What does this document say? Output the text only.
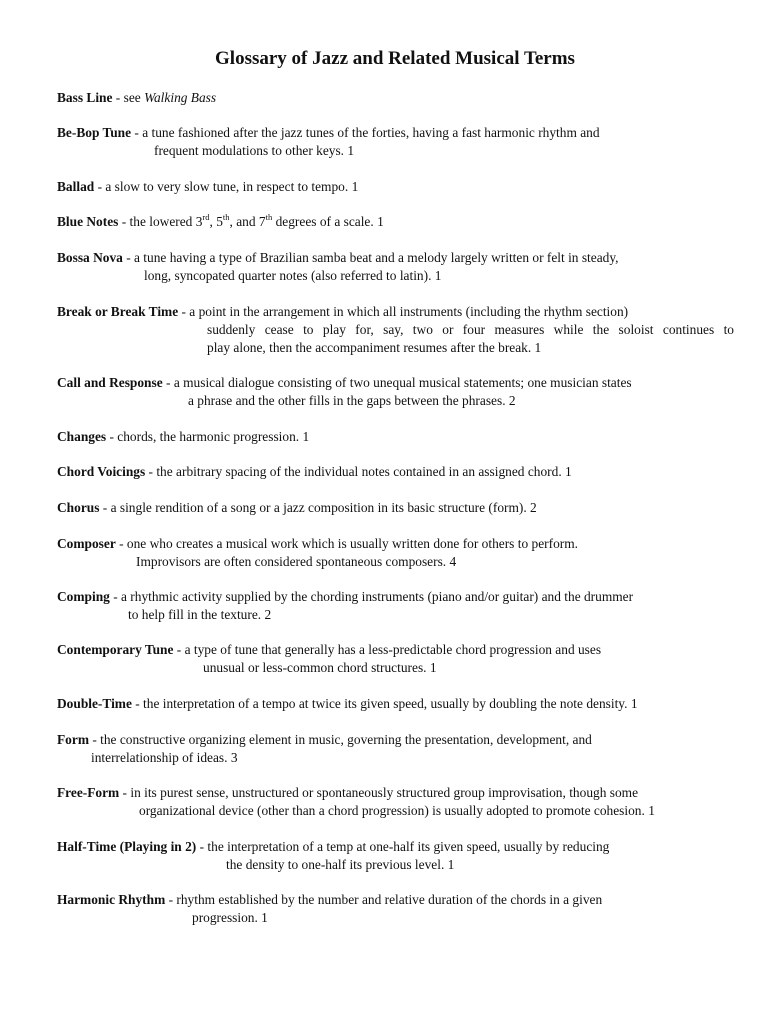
Glossary of Jazz and Related Musical Terms
Bass Line - see Walking Bass
Be-Bop Tune - a tune fashioned after the jazz tunes of the forties, having a fast harmonic rhythm and
frequent modulations to other keys. 1
Ballad - a slow to very slow tune, in respect to tempo. 1
Blue Notes - the lowered 3rd, 5th, and 7th degrees of a scale. 1
Bossa Nova - a tune having a type of Brazilian samba beat and a melody largely written or felt in steady,
long, syncopated quarter notes (also referred to latin). 1
Break or Break Time - a point in the arrangement in which all instruments (including the rhythm section)
suddenly cease to play for, say, two or four measures while the soloist continues to
play alone, then the accompaniment resumes after the break. 1
Call and Response - a musical dialogue consisting of two unequal musical statements; one musician states
a phrase and the other fills in the gaps between the phrases. 2
Changes - chords, the harmonic progression. 1
Chord Voicings - the arbitrary spacing of the individual notes contained in an assigned chord. 1
Chorus - a single rendition of a song or a jazz composition in its basic structure (form). 2
Composer - one who creates a musical work which is usually written done for others to perform.
Improvisors are often considered spontaneous composers. 4
Comping - a rhythmic activity supplied by the chording instruments (piano and/or guitar) and the drummer
to help fill in the texture. 2
Contemporary Tune - a type of tune that generally has a less-predictable chord progression and uses
unusual or less-common chord structures. 1
Double-Time - the interpretation of a tempo at twice its given speed, usually by doubling the note density. 1
Form - the constructive organizing element in music, governing the presentation, development, and
interrelationship of ideas. 3
Free-Form - in its purest sense, unstructured or spontaneously structured group improvisation, though some
organizational device (other than a chord progression) is usually adopted to promote cohesion. 1
Half-Time (Playing in 2) - the interpretation of a temp at one-half its given speed, usually by reducing
the density to one-half its previous level. 1
Harmonic Rhythm - rhythm established by the number and relative duration of the chords in a given
progression. 1
